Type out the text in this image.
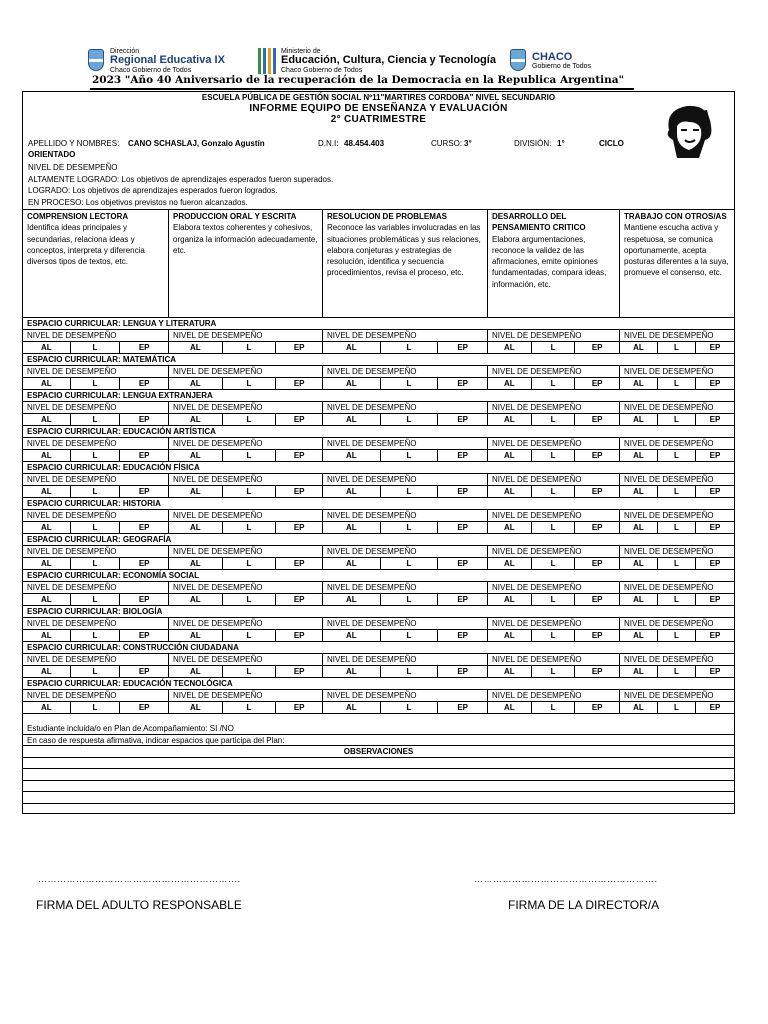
Dirección
Regional Educativa IX
Chaco Gobierno de Todos
Ministerio de
Educación, Cultura, Ciencia y Tecnología
Chaco Gobierno de Todos
CHACO
Gobierno de Todos
2023 "Año 40 Aniversario de la recuperación de la Democracia en la Republica Argentina"
ESCUELA PÚBLICA DE GESTIÓN SOCIAL Nº11"MARTIRES CORDOBA" NIVEL SECUNDARIO
INFORME EQUIPO DE ENSEÑANZA Y EVALUACIÓN
2° CUATRIMESTRE
APELLIDO Y NOMBRES: CANO SCHASLAJ, Gonzalo Agustín	D.N.I: 48.454.403	CURSO: 3°	DIVISIÓN: 1°	CICLO
ORIENTADO
NIVEL DE DESEMPEÑO
ALTAMENTE LOGRADO: Los objetivos de aprendizajes esperados fueron superados.
LOGRADO: Los objetivos de aprendizajes esperados fueron logrados.
EN PROCESO: Los objetivos previstos no fueron alcanzados.
COMPRENSION LECTORA
Identifica ideas principales y secundarias, relaciona ideas y conceptos, interpreta y diferencia diversos tipos de textos, etc.
PRODUCCION ORAL Y ESCRITA
Elabora textos coherentes y cohesivos, organiza la información adecuadamente, etc.
RESOLUCION DE PROBLEMAS
Reconoce las variables involucradas en las situaciones problemáticas y sus relaciones, elabora conjeturas y estrategias de resolución, identifica y secuencia procedimientos, revisa el proceso, etc.
DESARROLLO DEL PENSAMIENTO CRITICO
Elabora argumentaciones, reconoce la validez de las afirmaciones, emite opiniones fundamentadas, compara ideas, información, etc.
TRABAJO CON OTROS/AS
Mantiene escucha activa y respetuosa, se comunica oportunamente, acepta posturas diferentes a la suya, promueve el consenso, etc.
ESPACIO CURRICULAR: LENGUA Y LITERATURA
NIVEL DE DESEMPEÑO	NIVEL DE DESEMPEÑO	NIVEL DE DESEMPEÑO	NIVEL DE DESEMPEÑO	NIVEL DE DESEMPEÑO
AL	L	EP	AL	L	EP	AL	L	EP	AL	L	EP	AL	L	EP
ESPACIO CURRICULAR: MATEMÁTICA
NIVEL DE DESEMPEÑO	NIVEL DE DESEMPEÑO	NIVEL DE DESEMPEÑO	NIVEL DE DESEMPEÑO	NIVEL DE DESEMPEÑO
AL	L	EP	AL	L	EP	AL	L	EP	AL	L	EP	AL	L	EP
ESPACIO CURRICULAR: LENGUA EXTRANJERA
NIVEL DE DESEMPEÑO	NIVEL DE DESEMPEÑO	NIVEL DE DESEMPEÑO	NIVEL DE DESEMPEÑO	NIVEL DE DESEMPEÑO
AL	L	EP	AL	L	EP	AL	L	EP	AL	L	EP	AL	L	EP
ESPACIO CURRICULAR: EDUCACIÓN ARTÍSTICA
NIVEL DE DESEMPEÑO	NIVEL DE DESEMPEÑO	NIVEL DE DESEMPEÑO	NIVEL DE DESEMPEÑO	NIVEL DE DESEMPEÑO
AL	L	EP	AL	L	EP	AL	L	EP	AL	L	EP	AL	L	EP
ESPACIO CURRICULAR: EDUCACIÓN FÍSICA
NIVEL DE DESEMPEÑO	NIVEL DE DESEMPEÑO	NIVEL DE DESEMPEÑO	NIVEL DE DESEMPEÑO	NIVEL DE DESEMPEÑO
AL	L	EP	AL	L	EP	AL	L	EP	AL	L	EP	AL	L	EP
ESPACIO CURRICULAR: HISTORIA
NIVEL DE DESEMPEÑO	NIVEL DE DESEMPEÑO	NIVEL DE DESEMPEÑO	NIVEL DE DESEMPEÑO	NIVEL DE DESEMPEÑO
AL	L	EP	AL	L	EP	AL	L	EP	AL	L	EP	AL	L	EP
ESPACIO CURRICULAR: GEOGRAFÍA
NIVEL DE DESEMPEÑO	NIVEL DE DESEMPEÑO	NIVEL DE DESEMPEÑO	NIVEL DE DESEMPEÑO	NIVEL DE DESEMPEÑO
AL	L	EP	AL	L	EP	AL	L	EP	AL	L	EP	AL	L	EP
ESPACIO CURRICULAR: ECONOMÍA SOCIAL
NIVEL DE DESEMPEÑO	NIVEL DE DESEMPEÑO	NIVEL DE DESEMPEÑO	NIVEL DE DESEMPEÑO	NIVEL DE DESEMPEÑO
AL	L	EP	AL	L	EP	AL	L	EP	AL	L	EP	AL	L	EP
ESPACIO CURRICULAR: BIOLOGÍA
NIVEL DE DESEMPEÑO	NIVEL DE DESEMPEÑO	NIVEL DE DESEMPEÑO	NIVEL DE DESEMPEÑO	NIVEL DE DESEMPEÑO
AL	L	EP	AL	L	EP	AL	L	EP	AL	L	EP	AL	L	EP
ESPACIO CURRICULAR: CONSTRUCCIÓN CIUDADANA
NIVEL DE DESEMPEÑO	NIVEL DE DESEMPEÑO	NIVEL DE DESEMPEÑO	NIVEL DE DESEMPEÑO	NIVEL DE DESEMPEÑO
AL	L	EP	AL	L	EP	AL	L	EP	AL	L	EP	AL	L	EP
ESPACIO CURRICULAR: EDUCACIÓN TECNOLÓGICA
NIVEL DE DESEMPEÑO	NIVEL DE DESEMPEÑO	NIVEL DE DESEMPEÑO	NIVEL DE DESEMPEÑO	NIVEL DE DESEMPEÑO
AL	L	EP	AL	L	EP	AL	L	EP	AL	L	EP	AL	L	EP
Estudiante incluida/o en Plan de Acompañamiento: SI /NO
En caso de respuesta afirmativa, indicar espacios que participa del Plan:
OBSERVACIONES
……………………………………………………….	………………………………………………….
FIRMA DEL ADULTO RESPONSABLE	FIRMA DE LA DIRECTOR/A
